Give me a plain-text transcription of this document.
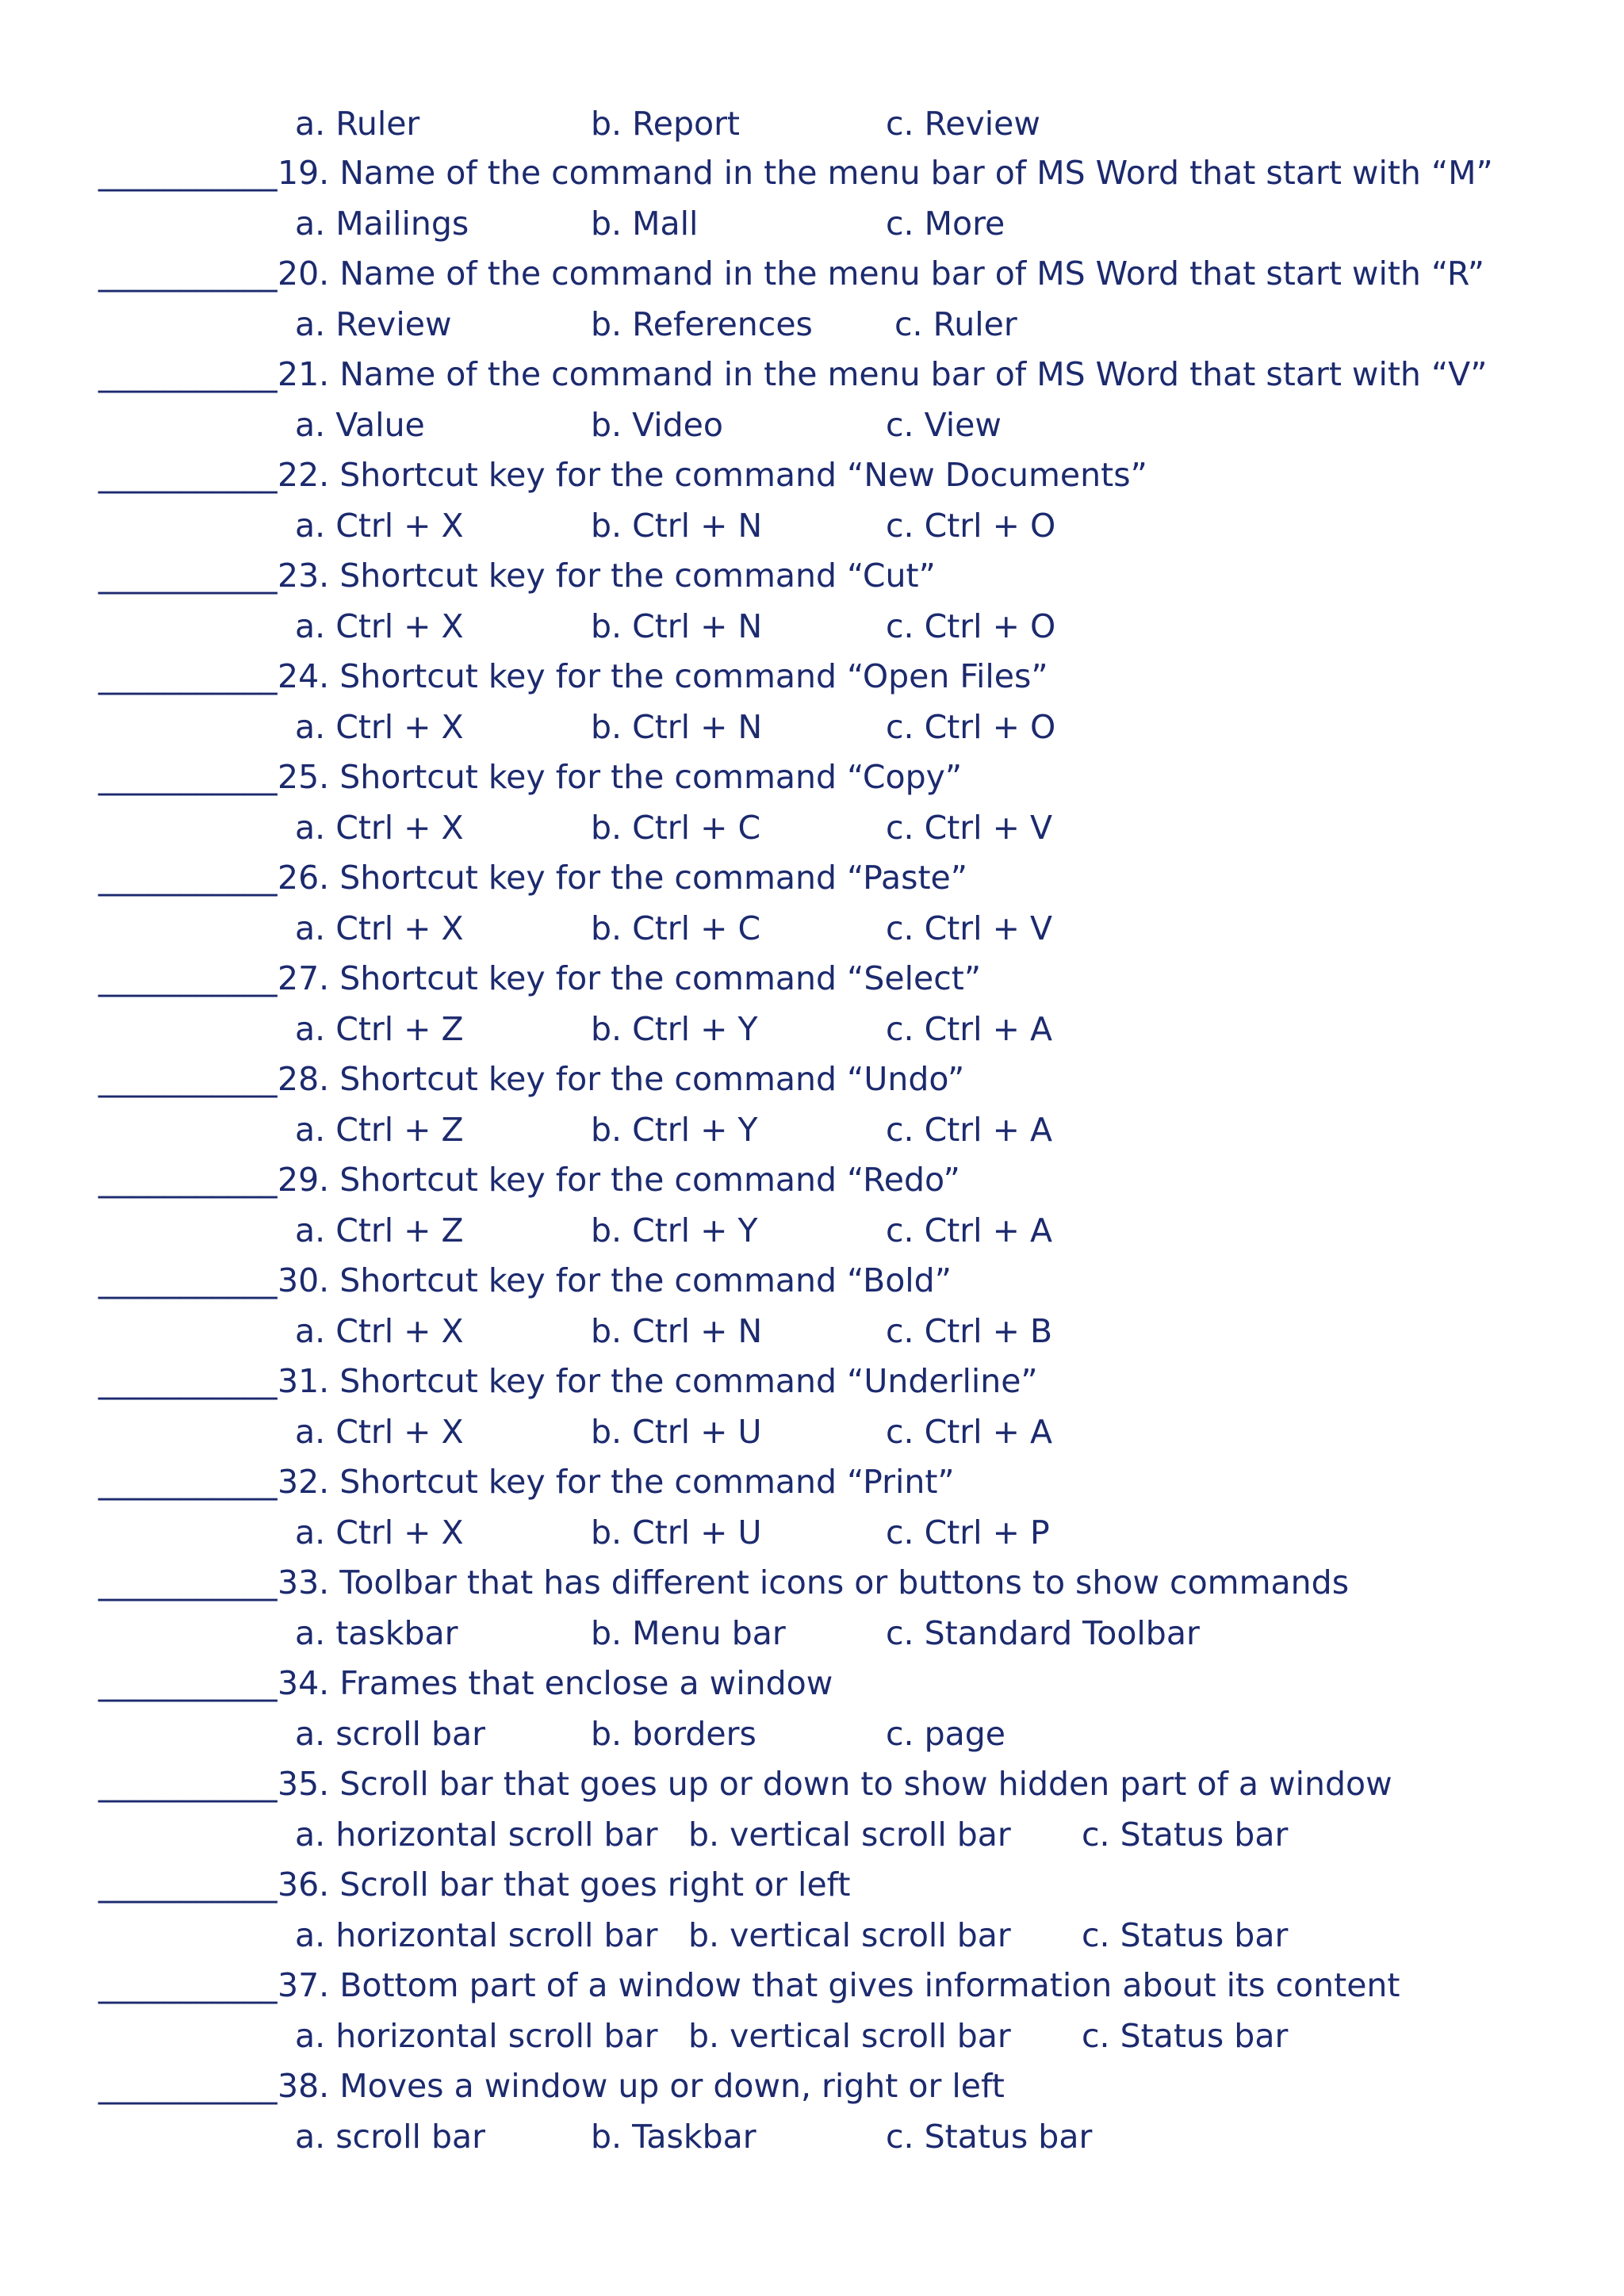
a. Ruler

	b. Report

	c. Review

___________ 19. Name of the command in the menu bar of MS Word that start with “M”
a. Mailings	b. Mall	c. More
___________ 20. Name of the command in the menu bar of MS Word that start with “R”
a. Review	b. References	c. Ruler
___________ 21. Name of the command in the menu bar of MS Word that start with “V”
a. Value	b. Video	c. View
___________ 22. Shortcut key for the command “New Documents”
a. Ctrl + X	b. Ctrl + N	c. Ctrl + O
___________ 23. Shortcut key for the command “Cut”
a. Ctrl + X	b. Ctrl + N	c. Ctrl + O
___________ 24. Shortcut key for the command “Open Files”
a. Ctrl + X	b. Ctrl + N	c. Ctrl + O
___________ 25. Shortcut key for the command “Copy”
a. Ctrl + X	b. Ctrl + C	c. Ctrl + V
___________ 26. Shortcut key for the command “Paste”
a. Ctrl + X	b. Ctrl + C	c. Ctrl + V
___________ 27. Shortcut key for the command “Select”
a. Ctrl + Z	b. Ctrl + Y	c. Ctrl + A
___________ 28. Shortcut key for the command “Undo”
a. Ctrl + Z	b. Ctrl + Y	c. Ctrl + A
___________ 29. Shortcut key for the command “Redo”
a. Ctrl + Z	b. Ctrl + Y	c. Ctrl + A
___________ 30. Shortcut key for the command “Bold”
a. Ctrl + X	b. Ctrl + N	c. Ctrl + B
___________ 31. Shortcut key for the command “Underline”
a. Ctrl + X	b. Ctrl + U	c. Ctrl + A
___________ 32. Shortcut key for the command “Print”
a. Ctrl + X	b. Ctrl + U	c. Ctrl + P
___________ 33. Toolbar that has different icons or buttons to show commands
a. taskbar	b. Menu bar	c. Standard Toolbar
___________ 34. Frames that enclose a window
a. scroll bar	b. borders	c. page
___________ 35. Scroll bar that goes up or down to show hidden part of a window
a. horizontal scroll bar b. vertical scroll bar c. Status bar
___________ 36. Scroll bar that goes right or left
a. horizontal scroll bar b. vertical scroll bar c. Status bar
___________ 37. Bottom part of a window that gives information about its content
a. horizontal scroll bar b. vertical scroll bar c. Status bar
___________ 38. Moves a window up or down, right or left
a. scroll bar	b. Taskbar	c. Status bar
